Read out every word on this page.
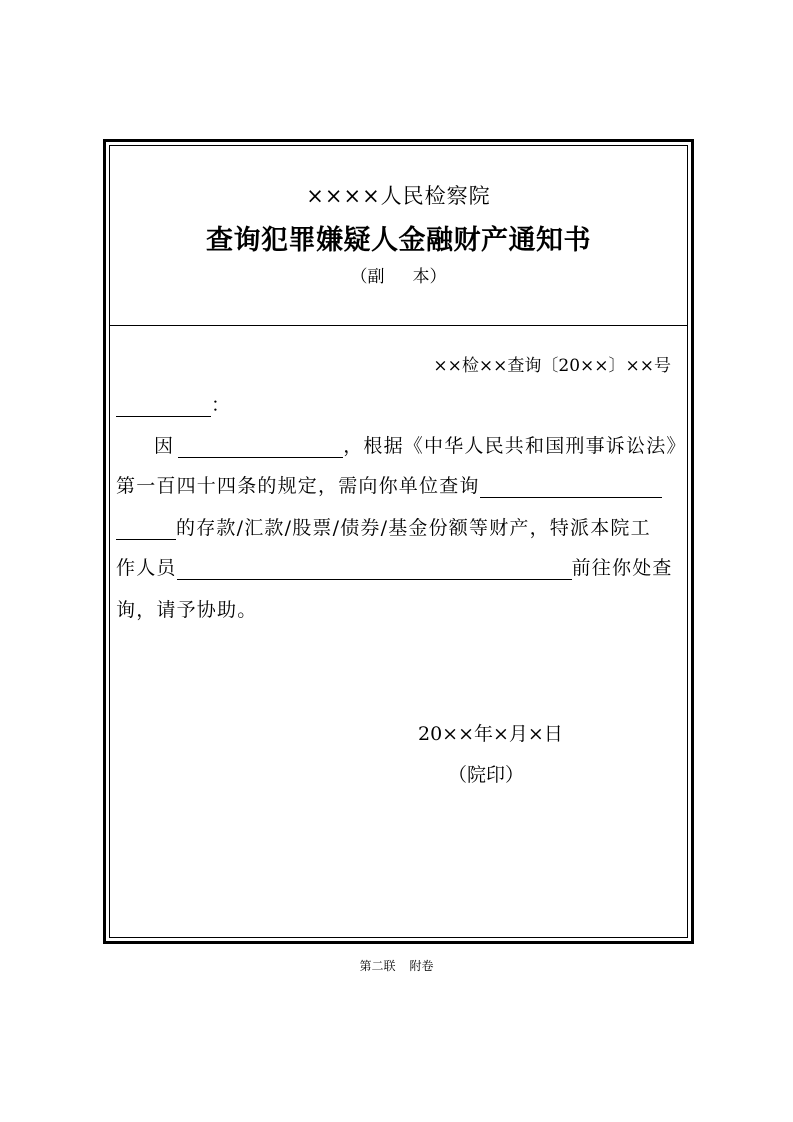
××××人民检察院
查询犯罪嫌疑人金融财产通知书
（副 本）
××检××查询〔20××〕××号
：
因	，根据《中华人民共和国刑事诉讼法》
第一百四十四条的规定，需向你单位查询
的存款/汇款/股票/债券/基金份额等财产，特派本院工
作人员	前往你处查
询，请予协助。
20××年×月×日
（院印）
第二联 附卷
